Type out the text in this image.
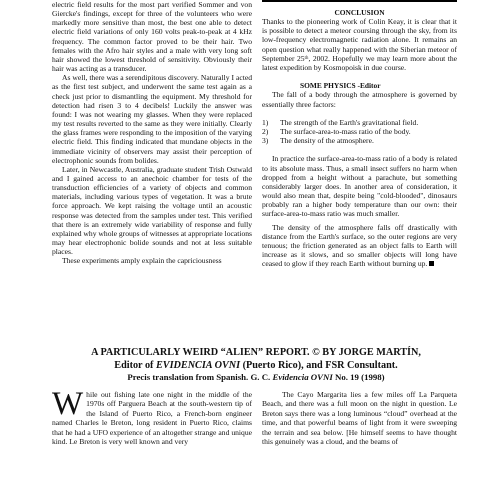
electric field results for the most part verified Sommer and von Giercke's findings, except for three of the volunteers who were markedly more sensitive than most, the best one able to detect electric field variations of only 160 volts peak-to-peak at 4 kHz frequency. The common factor proved to be their hair. Two females with the Afro hair styles and a male with very long soft hair showed the lowest threshold of sensitivity. Obviously their hair was acting as a transducer.

As well, there was a serendipitous discovery. Naturally I acted as the first test subject, and underwent the same test again as a check just prior to dismantling the equipment. My threshold for detection had risen 3 to 4 decibels! Luckily the answer was found: I was not wearing my glasses. When they were replaced my test results reverted to the same as they were initially. Clearly the glass frames were responding to the imposition of the varying electric field. This finding indicated that mundane objects in the immediate vicinity of observers may assist their perception of electrophonic sounds from bolides.

Later, in Newcastle, Australia, graduate student Trish Ostwald and I gained access to an anechoic chamber for tests of the transduction efficiencies of a variety of objects and common materials, including various types of vegetation. It was a brute force approach. We kept raising the voltage until an acoustic response was detected from the samples under test. This verified that there is an extremely wide variability of response and fully explained why whole groups of witnesses at appropriate locations may hear electrophonic bolide sounds and not at less suitable places.

These experiments amply explain the capriciousness

CONCLUSION

Thanks to the pioneering work of Colin Keay, it is clear that it is possible to detect a meteor coursing through the sky, from its low-frequency electromagnetic radiation alone. It remains an open question what really happened with the Siberian meteor of September 25ᵗʰ, 2002. Hopefully we may learn more about the latest expedition by Kosmopoisk in due course.

SOME PHYSICS -Editor

The fall of a body through the atmosphere is governed by essentially three factors:

1)	The strength of the Earth's gravitational field.
2)	The surface-area-to-mass ratio of the body.
3)	The density of the atmosphere.

In practice the surface-area-to-mass ratio of a body is related to its absolute mass. Thus, a small insect suffers no harm when dropped from a height without a parachute, but something considerably larger does. In another area of consideration, it would also mean that, despite being "cold-blooded", dinosaurs probably ran a higher body temperature than our own: their surface-area-to-mass ratio was much smaller.

The density of the atmosphere falls off drastically with distance from the Earth's surface, so the outer regions are very tenuous; the friction generated as an object falls to Earth will increase as it slows, and so smaller objects will long have ceased to glow if they reach Earth without burning up.

A PARTICULARLY WEIRD “ALIEN” REPORT. © BY JORGE MARTÍN,
Editor of EVIDENCIA OVNI (Puerto Rico), and FSR Consultant.
Precis translation from Spanish. G. C. Evidencia OVNI No. 19 (1998)
While out fishing late one night in the middle of the 1970s off Parguera Beach at the south-western tip of the Island of Puerto Rico, a French-born engineer named Charles le Breton, long resident in Puerto Rico, claims that he had a UFO experience of an altogether strange and unique kind. Le Breton is very well known and very

The Cayo Margarita lies a few miles off La Parqueta Beach, and there was a full moon on the night in question. Le Breton says there was a long luminous “cloud” overhead at the time, and that powerful beams of light from it were sweeping the terrain and sea below. [He himself seems to have thought this genuinely was a cloud, and the beams of
